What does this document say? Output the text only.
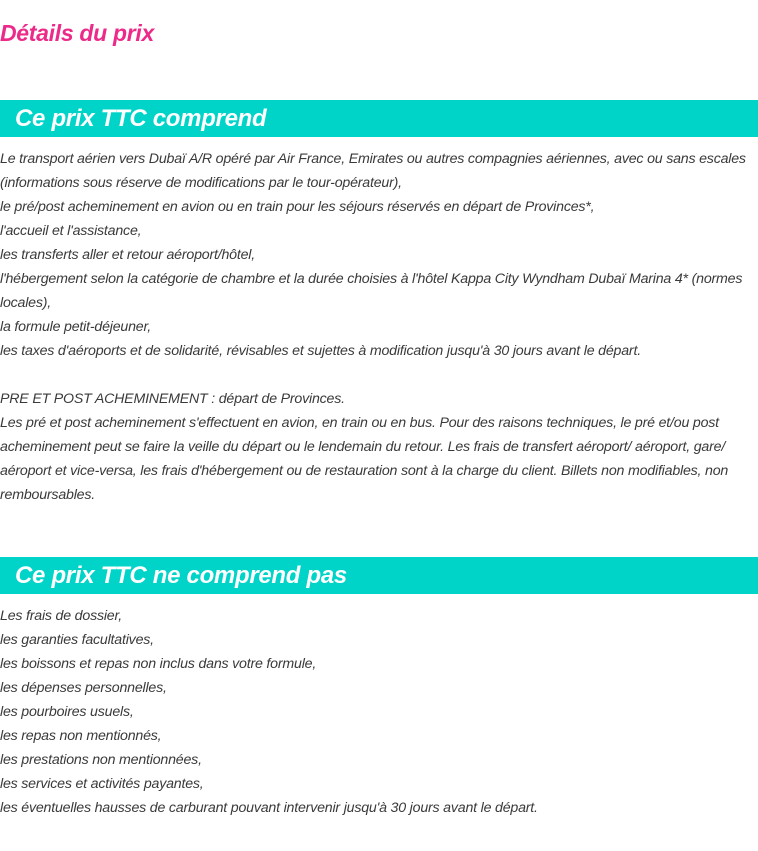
Détails du prix
Ce prix TTC comprend
Le transport aérien vers Dubaï A/R opéré par Air France, Emirates ou autres compagnies aériennes, avec ou sans escales (informations sous réserve de modifications par le tour-opérateur),
le pré/post acheminement en avion ou en train pour les séjours réservés en départ de Provinces*,
l'accueil et l'assistance,
les transferts aller et retour aéroport/hôtel,
l'hébergement selon la catégorie de chambre et la durée choisies à l'hôtel Kappa City Wyndham Dubaï Marina 4* (normes locales),
la formule petit-déjeuner,
les taxes d'aéroports et de solidarité, révisables et sujettes à modification jusqu'à 30 jours avant le départ.
PRE ET POST ACHEMINEMENT : départ de Provinces.
Les pré et post acheminement s'effectuent en avion, en train ou en bus. Pour des raisons techniques, le pré et/ou post acheminement peut se faire la veille du départ ou le lendemain du retour. Les frais de transfert aéroport/ aéroport, gare/ aéroport et vice-versa, les frais d'hébergement ou de restauration sont à la charge du client. Billets non modifiables, non remboursables.
Ce prix TTC ne comprend pas
Les frais de dossier,
les garanties facultatives,
les boissons et repas non inclus dans votre formule,
les dépenses personnelles,
les pourboires usuels,
les repas non mentionnés,
les prestations non mentionnées,
les services et activités payantes,
les éventuelles hausses de carburant pouvant intervenir jusqu'à 30 jours avant le départ.
